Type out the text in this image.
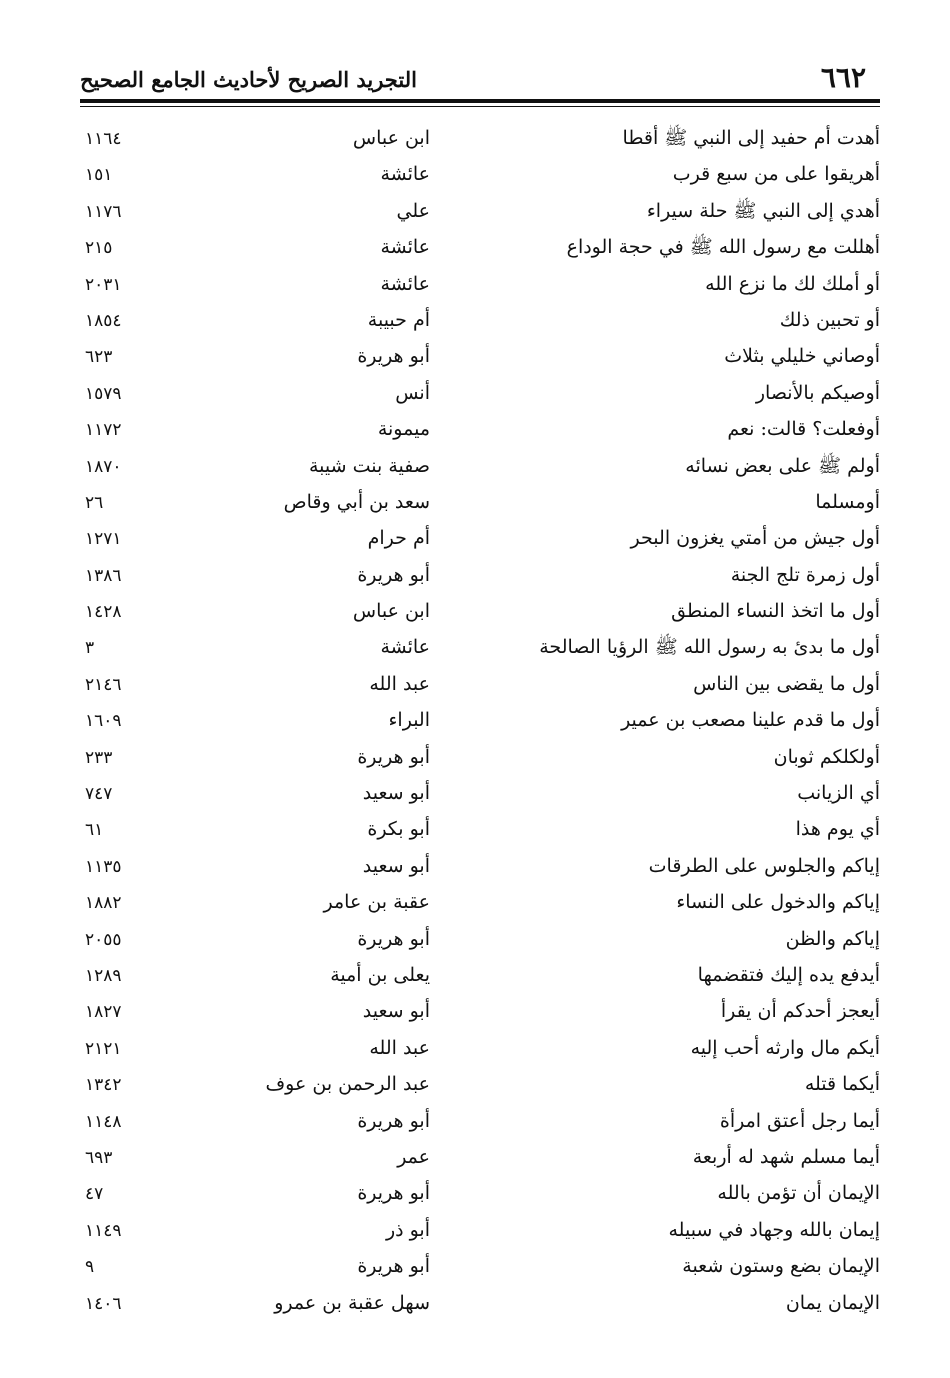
٦٦٢
التجريد الصريح لأحاديث الجامع الصحيح
أهدت أم حفيد إلى النبي ﷺ أقطا
ابن عباس
١١٦٤
أهريقوا على من سبع قرب
عائشة
١٥١
أهدي إلى النبي ﷺ حلة سيراء
علي
١١٧٦
أهللت مع رسول الله ﷺ في حجة الوداع
عائشة
٢١٥
أو أملك لك ما نزع الله
عائشة
٢٠٣١
أو تحبين ذلك
أم حبيبة
١٨٥٤
أوصاني خليلي بثلاث
أبو هريرة
٦٢٣
أوصيكم بالأنصار
أنس
١٥٧٩
أوفعلت؟ قالت: نعم
ميمونة
١١٧٢
أولم ﷺ على بعض نسائه
صفية بنت شيبة
١٨٧٠
أومسلما
سعد بن أبي وقاص
٢٦
أول جيش من أمتي يغزون البحر
أم حرام
١٢٧١
أول زمرة تلج الجنة
أبو هريرة
١٣٨٦
أول ما اتخذ النساء المنطق
ابن عباس
١٤٢٨
أول ما بدئ به رسول الله ﷺ الرؤيا الصالحة
عائشة
٣
أول ما يقضى بين الناس
عبد الله
٢١٤٦
أول ما قدم علينا مصعب بن عمير
البراء
١٦٠٩
أولكلكم ثوبان
أبو هريرة
٢٣٣
أي الزيانب
أبو سعيد
٧٤٧
أي يوم هذا
أبو بكرة
٦١
إياكم والجلوس على الطرقات
أبو سعيد
١١٣٥
إياكم والدخول على النساء
عقبة بن عامر
١٨٨٢
إياكم والظن
أبو هريرة
٢٠٥٥
أيدفع يده إليك فتقضمها
يعلى بن أمية
١٢٨٩
أيعجز أحدكم أن يقرأ
أبو سعيد
١٨٢٧
أيكم مال وارثه أحب إليه
عبد الله
٢١٢١
أيكما قتله
عبد الرحمن بن عوف
١٣٤٢
أيما رجل أعتق امرأة
أبو هريرة
١١٤٨
أيما مسلم شهد له أربعة
عمر
٦٩٣
الإيمان أن تؤمن بالله
أبو هريرة
٤٧
إيمان بالله وجهاد في سبيله
أبو ذر
١١٤٩
الإيمان بضع وستون شعبة
أبو هريرة
٩
الإيمان يمان
سهل عقبة بن عمرو
١٤٠٦
